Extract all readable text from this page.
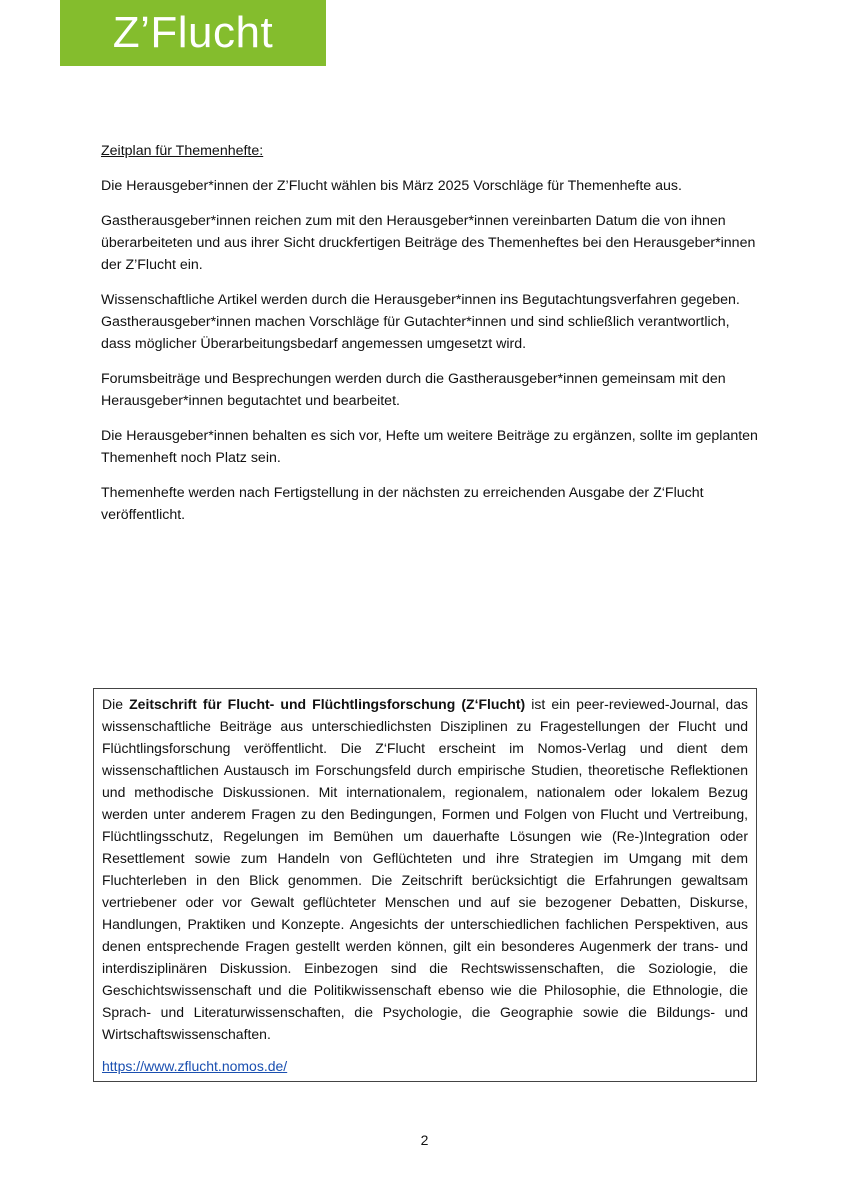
Z’Flucht
Zeitplan für Themenhefte:

Die Herausgeber*innen der Z’Flucht wählen bis März 2025 Vorschläge für Themenhefte aus.

Gastherausgeber*innen reichen zum mit den Herausgeber*innen vereinbarten Datum die von ihnen überarbeiteten und aus ihrer Sicht druckfertigen Beiträge des Themenheftes bei den Herausgeber*innen der Z’Flucht ein.

Wissenschaftliche Artikel werden durch die Herausgeber*innen ins Begutachtungsverfahren gegeben. Gastherausgeber*innen machen Vorschläge für Gutachter*innen und sind schließlich verantwortlich, dass möglicher Überarbeitungsbedarf angemessen umgesetzt wird.

Forumsbeiträge und Besprechungen werden durch die Gastherausgeber*innen gemeinsam mit den Herausgeber*innen begutachtet und bearbeitet.

Die Herausgeber*innen behalten es sich vor, Hefte um weitere Beiträge zu ergänzen, sollte im geplanten Themenheft noch Platz sein.

Themenhefte werden nach Fertigstellung in der nächsten zu erreichenden Ausgabe der Z‘Flucht veröffentlicht.

Die Zeitschrift für Flucht- und Flüchtlingsforschung (Z‘Flucht) ist ein peer-reviewed-Journal, das wissenschaftliche Beiträge aus unterschiedlichsten Disziplinen zu Fragestellungen der Flucht und Flüchtlingsforschung veröffentlicht. Die Z‘Flucht erscheint im Nomos-Verlag und dient dem wissenschaftlichen Austausch im Forschungsfeld durch empirische Studien, theoretische Reflektionen und methodische Diskussionen. Mit internationalem, regionalem, nationalem oder lokalem Bezug werden unter anderem Fragen zu den Bedingungen, Formen und Folgen von Flucht und Vertreibung, Flüchtlingsschutz, Regelungen im Bemühen um dauerhafte Lösungen wie (Re-)Integration oder Resettlement sowie zum Handeln von Geflüchteten und ihre Strategien im Umgang mit dem Fluchterleben in den Blick genommen. Die Zeitschrift berücksichtigt die Erfahrungen gewaltsam vertriebener oder vor Gewalt geflüchteter Menschen und auf sie bezogener Debatten, Diskurse, Handlungen, Praktiken und Konzepte. Angesichts der unterschiedlichen fachlichen Perspektiven, aus denen entsprechende Fragen gestellt werden können, gilt ein besonderes Augenmerk der trans- und interdisziplinären Diskussion. Einbezogen sind die Rechtswissenschaften, die Soziologie, die Geschichtswissenschaft und die Politikwissenschaft ebenso wie die Philosophie, die Ethnologie, die Sprach- und Literaturwissenschaften, die Psychologie, die Geographie sowie die Bildungs- und Wirtschaftswissenschaften.

https://www.zflucht.nomos.de/

2
